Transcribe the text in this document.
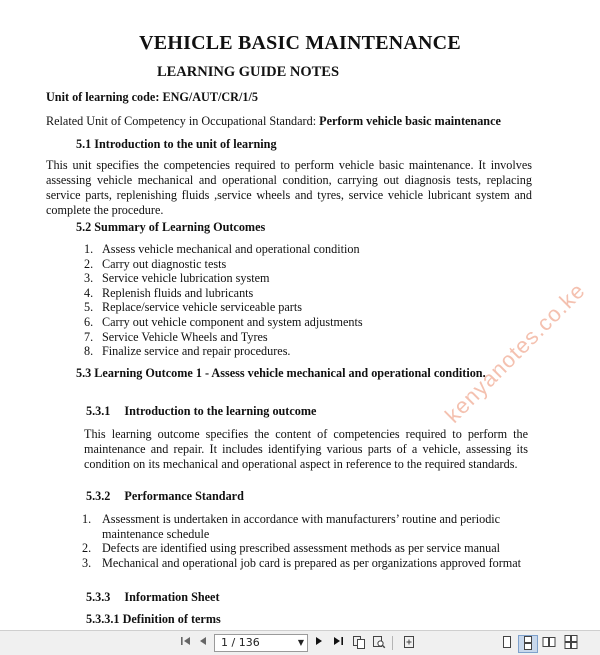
VEHICLE BASIC MAINTENANCE
LEARNING GUIDE NOTES
Unit of learning code: ENG/AUT/CR/1/5
Related Unit of Competency in Occupational Standard: Perform vehicle basic maintenance
5.1 Introduction to the unit of learning
This unit specifies the competencies required to perform vehicle basic maintenance. It involves assessing vehicle mechanical and operational condition, carrying out diagnosis tests, replacing service parts, replenishing fluids ,service wheels and tyres, service vehicle lubricant system and complete the procedure.
5.2 Summary of Learning Outcomes
1. Assess vehicle mechanical and operational condition
2. Carry out diagnostic tests
3. Service vehicle lubrication system
4. Replenish fluids and lubricants
5. Replace/service vehicle serviceable parts
6. Carry out vehicle component and system adjustments
7. Service Vehicle Wheels and Tyres
8. Finalize service and repair procedures.
5.3 Learning Outcome 1 - Assess vehicle mechanical and operational condition.
5.3.1 Introduction to the learning outcome
This learning outcome specifies the content of competencies required to perform the maintenance and repair. It includes identifying various parts of a vehicle, assessing its condition on its mechanical and operational aspect in reference to the required standards.
5.3.2 Performance Standard
1. Assessment is undertaken in accordance with manufacturers’ routine and periodic maintenance schedule
2. Defects are identified using prescribed assessment methods as per service manual
3. Mechanical and operational job card is prepared as per organizations approved format
5.3.3 Information Sheet
5.3.3.1 Definition of terms
kenyanotes.co.ke
1 / 136	▼
